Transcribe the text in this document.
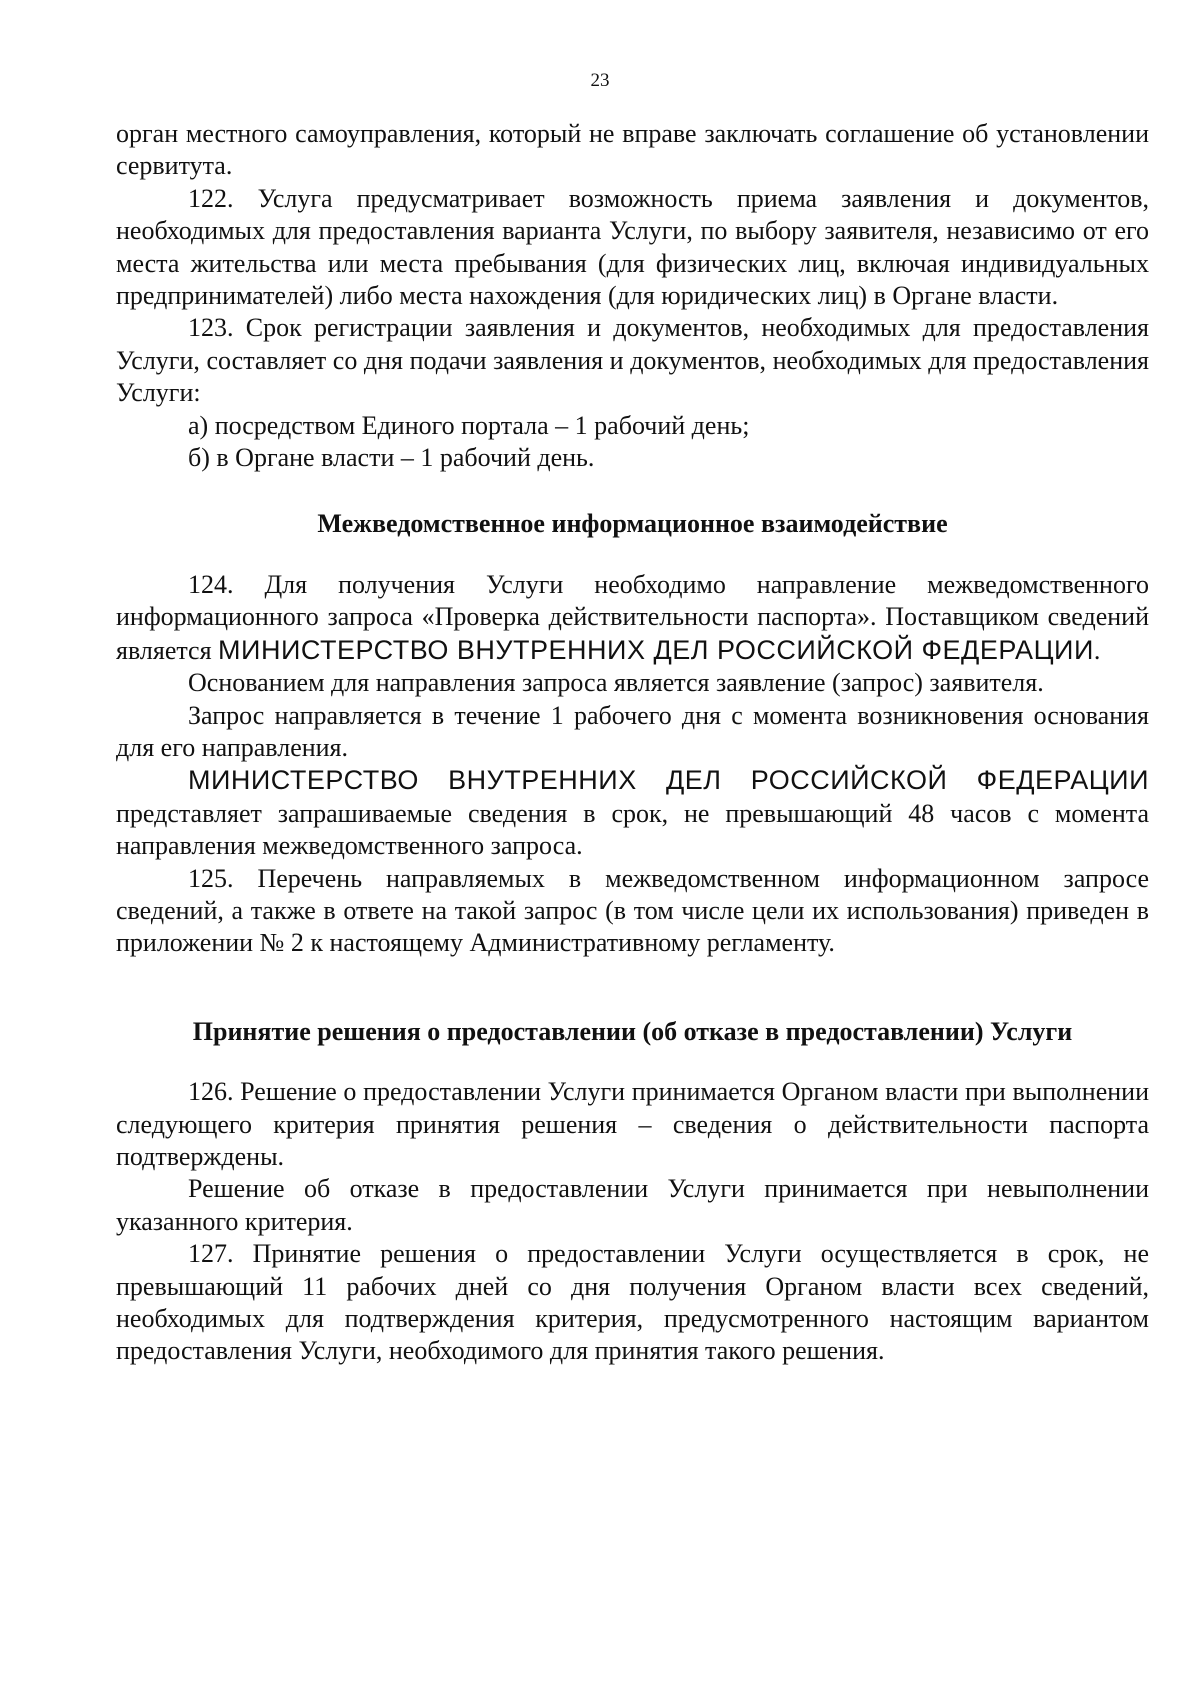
23

орган местного самоуправления, который не вправе заключать соглашение об установлении сервитута.

122. Услуга предусматривает возможность приема заявления и документов, необходимых для предоставления варианта Услуги, по выбору заявителя, независимо от его места жительства или места пребывания (для физических лиц, включая индивидуальных предпринимателей) либо места нахождения (для юридических лиц) в Органе власти.

123. Срок регистрации заявления и документов, необходимых для предоставления Услуги, составляет со дня подачи заявления и документов, необходимых для предоставления Услуги:

а) посредством Единого портала – 1 рабочий день;

б) в Органе власти – 1 рабочий день.

Межведомственное информационное взаимодействие

124. Для получения Услуги необходимо направление межведомственного информационного запроса «Проверка действительности паспорта». Поставщиком сведений является МИНИСТЕРСТВО ВНУТРЕННИХ ДЕЛ РОССИЙСКОЙ ФЕДЕРАЦИИ.

Основанием для направления запроса является заявление (запрос) заявителя.

Запрос направляется в течение 1 рабочего дня с момента возникновения основания для его направления.

МИНИСТЕРСТВО ВНУТРЕННИХ ДЕЛ РОССИЙСКОЙ ФЕДЕРАЦИИ представляет запрашиваемые сведения в срок, не превышающий 48 часов с момента направления межведомственного запроса.

125. Перечень направляемых в межведомственном информационном запросе сведений, а также в ответе на такой запрос (в том числе цели их использования) приведен в приложении № 2 к настоящему Административному регламенту.

Принятие решения о предоставлении (об отказе в предоставлении) Услуги

126. Решение о предоставлении Услуги принимается Органом власти при выполнении следующего критерия принятия решения – сведения о действительности паспорта подтверждены.

Решение об отказе в предоставлении Услуги принимается при невыполнении указанного критерия.

127. Принятие решения о предоставлении Услуги осуществляется в срок, не превышающий 11 рабочих дней со дня получения Органом власти всех сведений, необходимых для подтверждения критерия, предусмотренного настоящим вариантом предоставления Услуги, необходимого для принятия такого решения.
